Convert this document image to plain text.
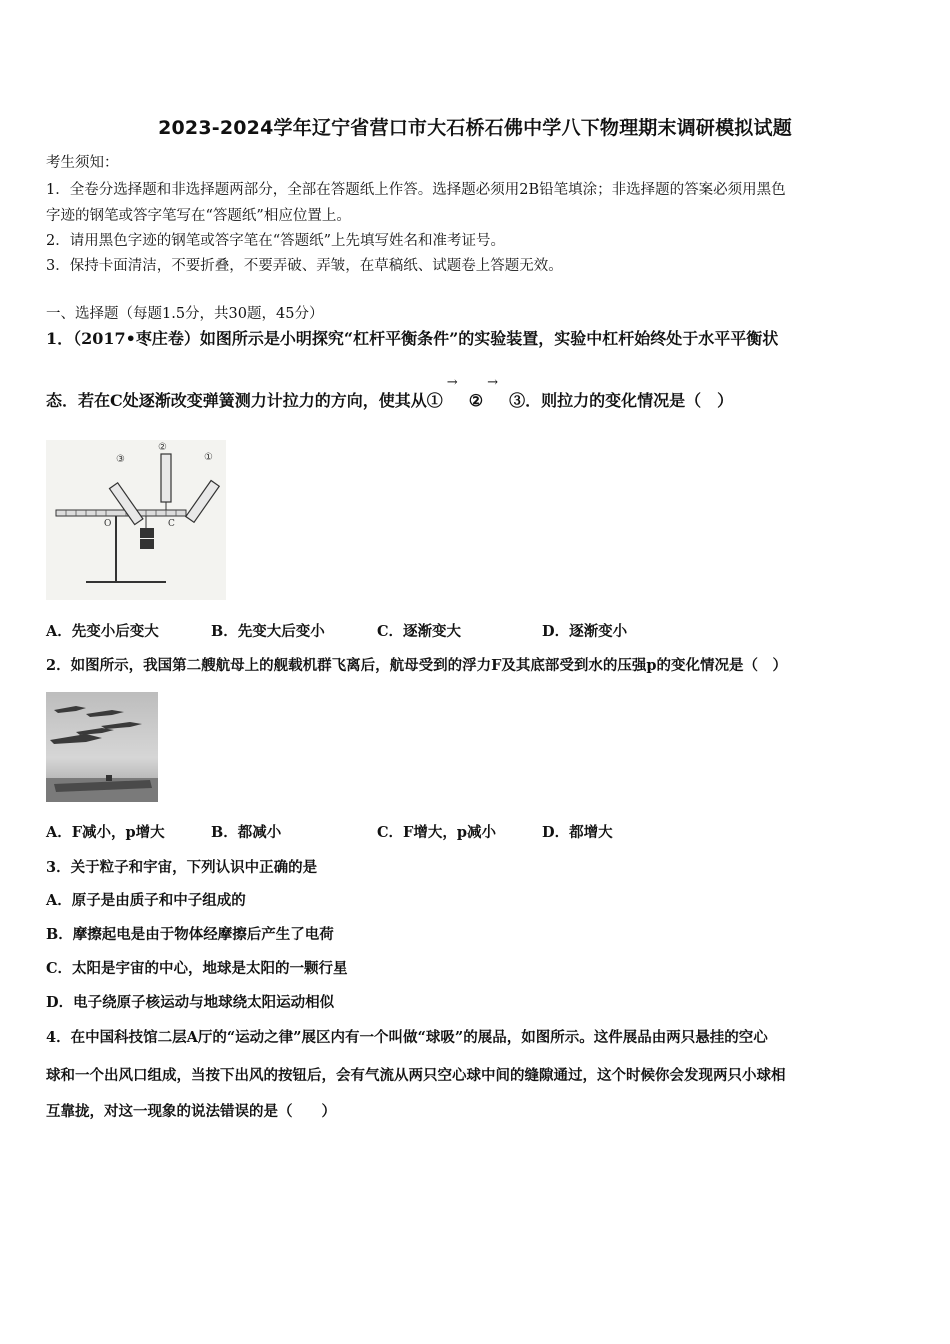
2023-2024学年辽宁省营口市大石桥石佛中学八下物理期末调研模拟试题
考生须知：
1．全卷分选择题和非选择题两部分，全部在答题纸上作答。选择题必须用2B铅笔填涂；非选择题的答案必须用黑色
字迹的钢笔或答字笔写在“答题纸”相应位置上。
2．请用黑色字迹的钢笔或答字笔在“答题纸”上先填写姓名和准考证号。
3．保持卡面清洁，不要折叠，不要弄破、弄皱，在草稿纸、试题卷上答题无效。
一、选择题（每题1.5分，共30题，45分）
1．（2017•枣庄卷）如图所示是小明探究“杠杆平衡条件”的实验装置，实验中杠杆始终处于水平平衡状
态．若在C处逐渐改变弹簧测力计拉力的方向，使其从①
→
②
→
③．则拉力的变化情况是（　）
C
O
③
②
①
A．先变小后变大	B．先变大后变小	C．逐渐变大	D．逐渐变小
2．如图所示，我国第二艘航母上的舰载机群飞离后，航母受到的浮力F及其底部受到水的压强p的变化情况是（　）
A．F减小，p增大	B．都减小	C．F增大，p减小	D．都增大
3．关于粒子和宇宙，下列认识中正确的是
A．原子是由质子和中子组成的
B．摩擦起电是由于物体经摩擦后产生了电荷
C．太阳是宇宙的中心，地球是太阳的一颗行星
D．电子绕原子核运动与地球绕太阳运动相似
4．在中国科技馆二层A厅的“运动之律”展区内有一个叫做“球吸”的展品，如图所示。这件展品由两只悬挂的空心
球和一个出风口组成，当按下出风的按钮后，会有气流从两只空心球中间的缝隙通过，这个时候你会发现两只小球相
互靠拢，对这一现象的说法错误的是（　　）
